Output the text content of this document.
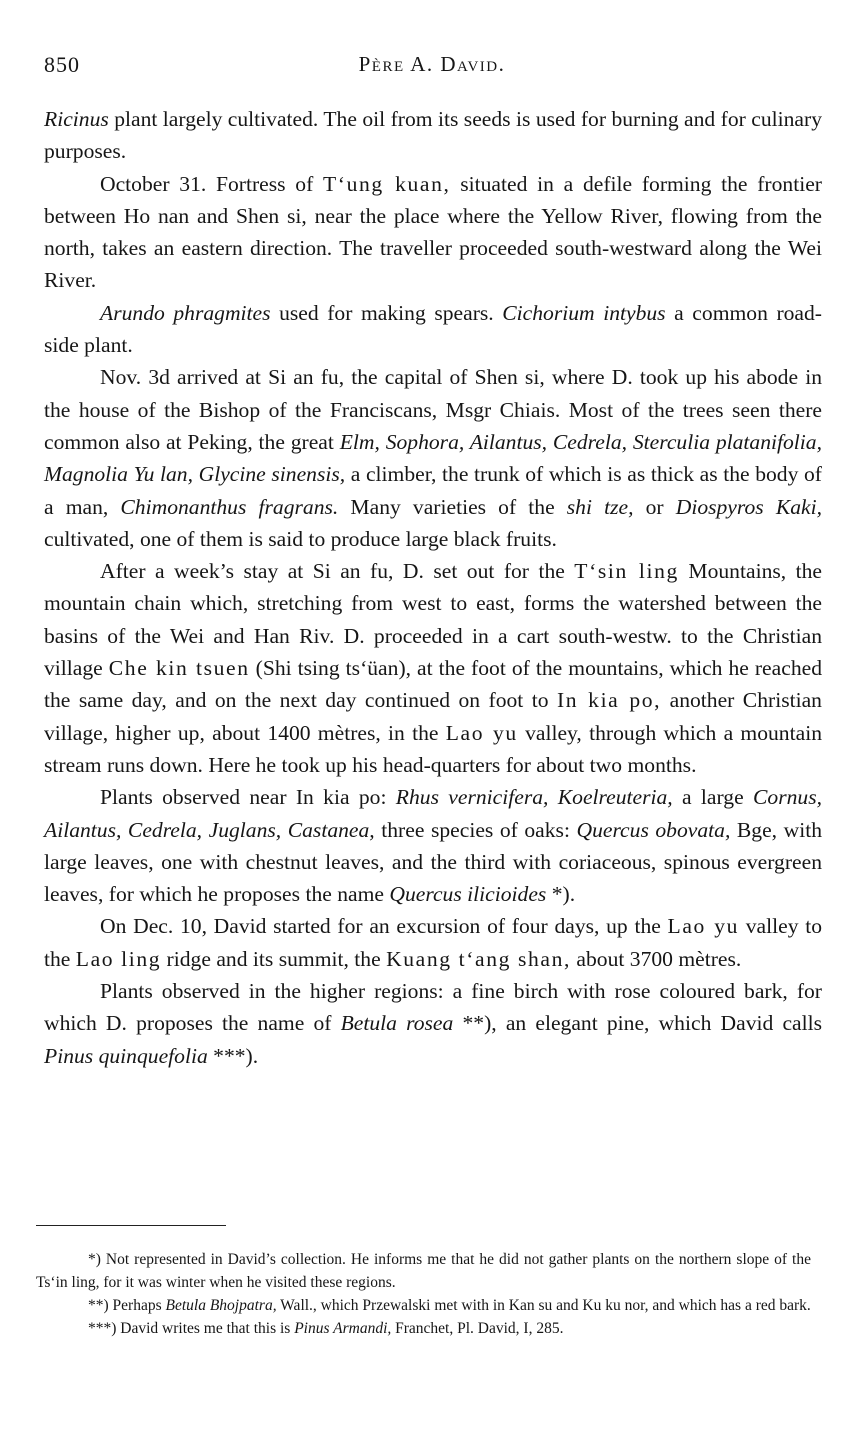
850	Père A. David.

Ricinus plant largely cultivated. The oil from its seeds is used for burning and for culinary purposes.

October 31. Fortress of T‘ung kuan, situated in a defile forming the frontier between Ho nan and Shen si, near the place where the Yellow River, flowing from the north, takes an eastern direction. The traveller proceeded south-westward along the Wei River.

Arundo phragmites used for making spears. Cichorium intybus a common road-side plant.

Nov. 3d arrived at Si an fu, the capital of Shen si, where D. took up his abode in the house of the Bishop of the Franciscans, Msgr Chiais. Most of the trees seen there common also at Peking, the great Elm, Sophora, Ailantus, Cedrela, Sterculia platanifolia, Magnolia Yu lan, Glycine sinensis, a climber, the trunk of which is as thick as the body of a man, Chimonanthus fragrans. Many varieties of the shi tze, or Diospyros Kaki, cultivated, one of them is said to produce large black fruits.

After a week’s stay at Si an fu, D. set out for the T‘sin ling Mountains, the mountain chain which, stretching from west to east, forms the watershed between the basins of the Wei and Han Riv. D. proceeded in a cart south-westw. to the Christian village Che kin tsuen (Shi tsing ts‘üan), at the foot of the mountains, which he reached the same day, and on the next day continued on foot to In kia po, another Christian village, higher up, about 1400 mètres, in the Lao yu valley, through which a mountain stream runs down. Here he took up his head-quarters for about two months.

Plants observed near In kia po: Rhus vernicifera, Koelreuteria, a large Cornus, Ailantus, Cedrela, Juglans, Castanea, three species of oaks: Quercus obovata, Bge, with large leaves, one with chestnut leaves, and the third with coriaceous, spinous evergreen leaves, for which he proposes the name Quercus ilicioides *).

On Dec. 10, David started for an excursion of four days, up the Lao yu valley to the Lao ling ridge and its summit, the Kuang t‘ang shan, about 3700 mètres.

Plants observed in the higher regions: a fine birch with rose coloured bark, for which D. proposes the name of Betula rosea **), an elegant pine, which David calls Pinus quinquefolia ***).

*) Not represented in David’s collection. He informs me that he did not gather plants on the northern slope of the Ts‘in ling, for it was winter when he visited these regions.

**) Perhaps Betula Bhojpatra, Wall., which Przewalski met with in Kan su and Ku ku nor, and which has a red bark.

***) David writes me that this is Pinus Armandi, Franchet, Pl. David, I, 285.
